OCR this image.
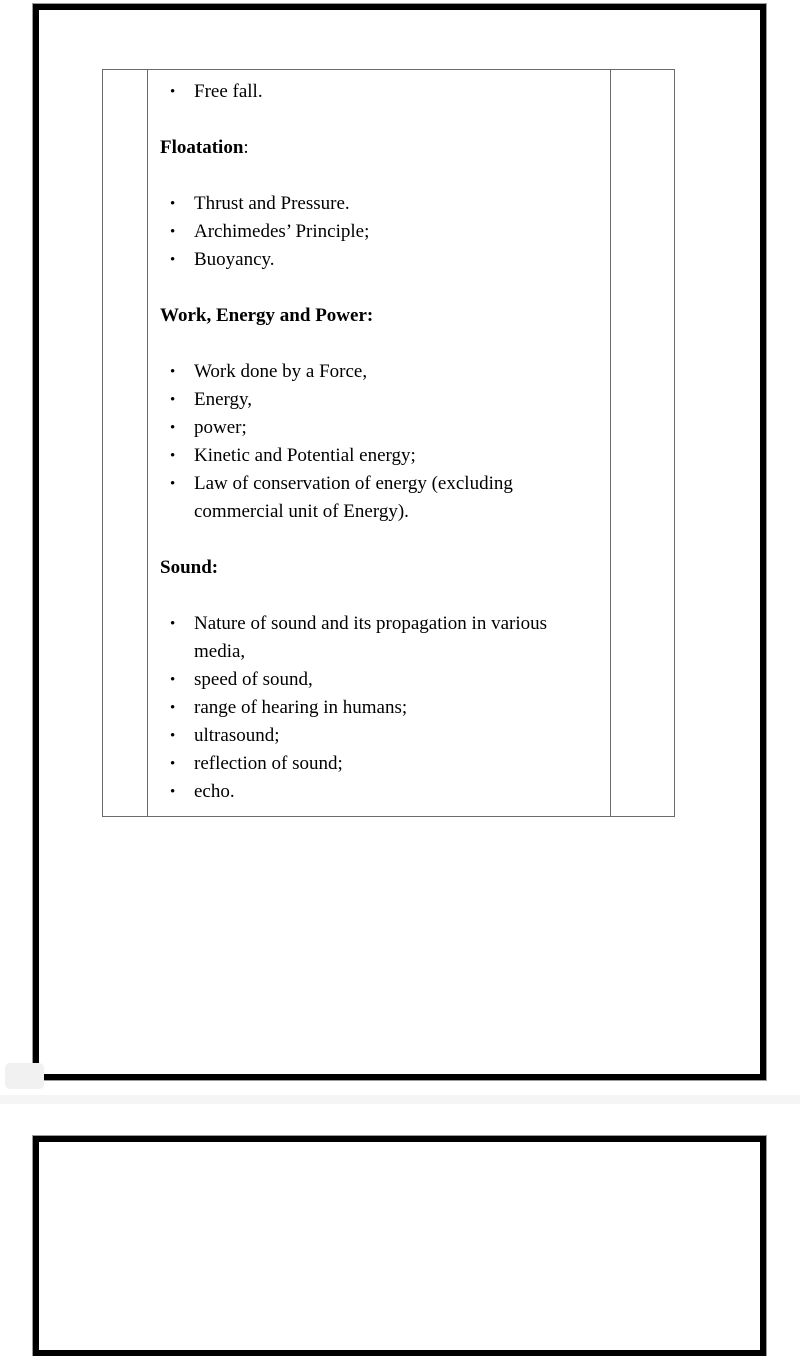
• Free fall.

Floatation:

• Thrust and Pressure.
• Archimedes’ Principle;
• Buoyancy.

Work, Energy and Power:

• Work done by a Force,
• Energy,
• power;
• Kinetic and Potential energy;
• Law of conservation of energy (excluding commercial unit of Energy).

Sound:

• Nature of sound and its propagation in various media,
• speed of sound,
• range of hearing in humans;
• ultrasound;
• reflection of sound;
• echo.
